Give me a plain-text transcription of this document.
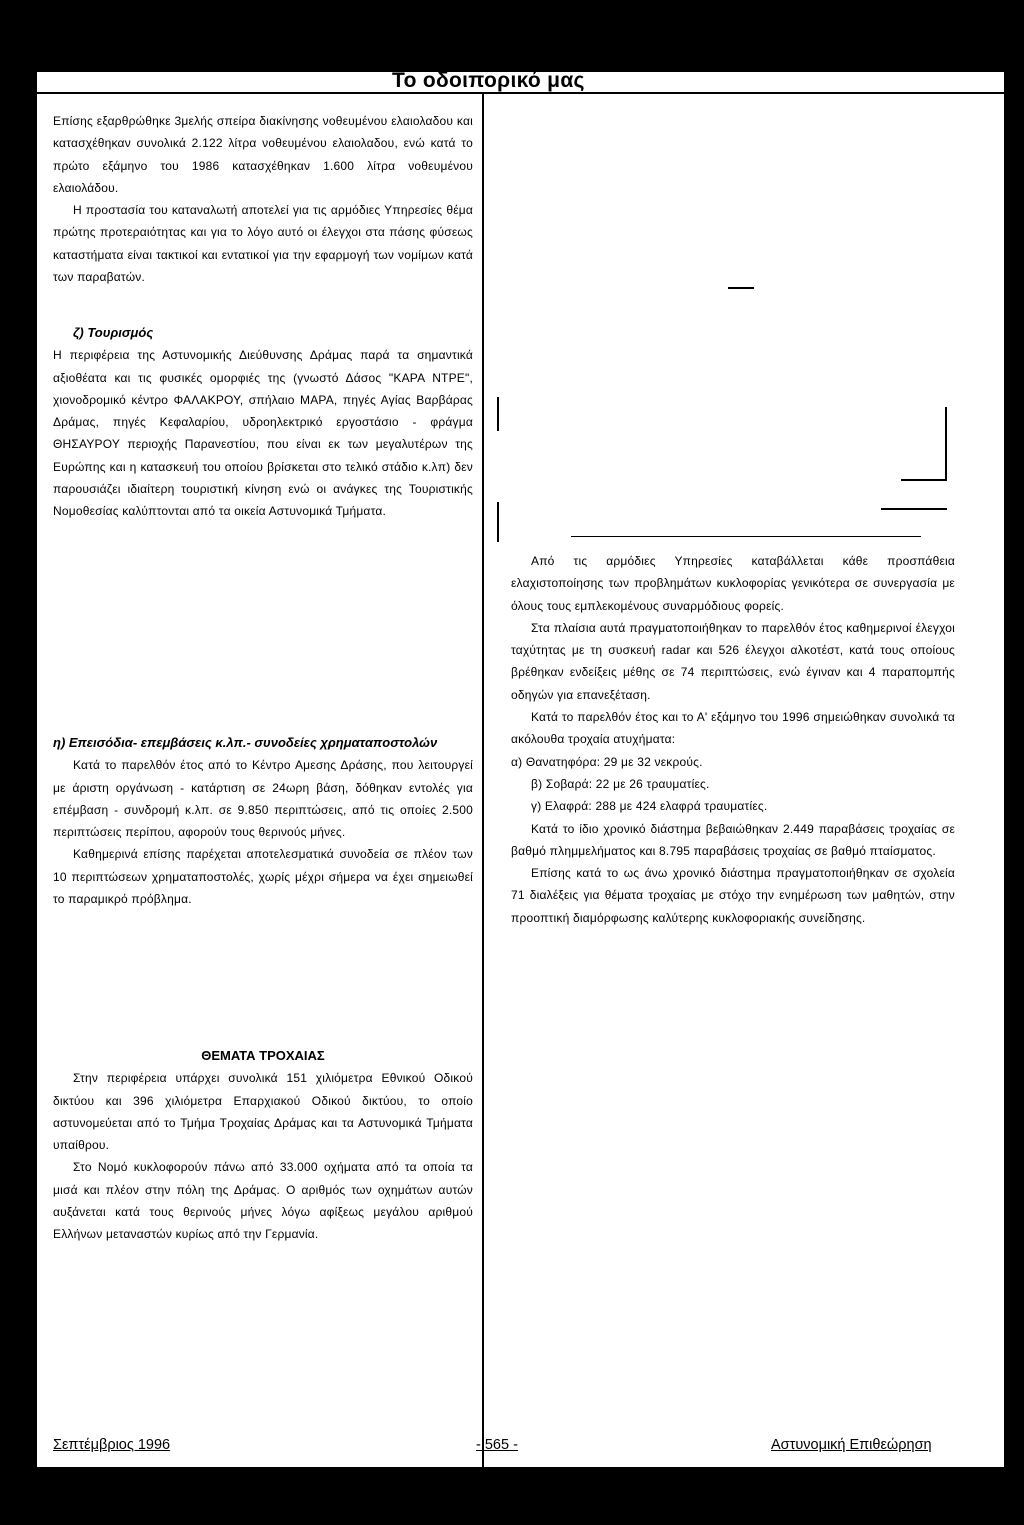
Το οδοιπορικό μας

Επίσης εξαρθρώθηκε 3μελής σπείρα διακίνησης νοθευμένου ελαιολαδου και κατασχέθηκαν συνολικά 2.122 λίτρα νοθευμένου ελαιολαδου, ενώ κατά το πρώτο εξάμηνο του 1986 κατασχέθηκαν 1.600 λίτρα νοθευμένου ελαιολάδου.

Η προστασία του καταναλωτή αποτελεί για τις αρμόδιες Υπηρεσίες θέμα πρώτης προτεραιότητας και για το λόγο αυτό οι έλεγχοι στα πάσης φύσεως καταστήματα είναι τακτικοί και εντατικοί για την εφαρμογή των νομίμων κατά των παραβατών.

ζ) Τουρισμός

Η περιφέρεια της Αστυνομικής Διεύθυνσης Δράμας παρά τα σημαντικά αξιοθέατα και τις φυσικές ομορφιές της (γνωστό Δάσος "ΚΑΡΑ ΝΤΡΕ", χιονοδρομικό κέντρο ΦΑΛΑΚΡΟΥ, σπήλαιο ΜΑΡΑ, πηγές Αγίας Βαρβάρας Δράμας, πηγές Κεφαλαρίου, υδροηλεκτρικό εργοστάσιο - φράγμα ΘΗΣΑΥΡΟΥ περιοχής Παρανεστίου, που είναι εκ των μεγαλυτέρων της Ευρώπης και η κατασκευή του οποίου βρίσκεται στο τελικό στάδιο κ.λπ) δεν παρουσιάζει ιδιαίτερη τουριστική κίνηση ενώ οι ανάγκες της Τουριστικής Νομοθεσίας καλύπτονται από τα οικεία Αστυνομικά Τμήματα.

η) Επεισόδια- επεμβάσεις κ.λπ.- συνοδείες χρηματαποστολών

Κατά το παρελθόν έτος από το Κέντρο Αμεσης Δράσης, που λειτουργεί με άριστη οργάνωση - κατάρτιση σε 24ωρη βάση, δόθηκαν εντολές για επέμβαση - συνδρομή κ.λπ. σε 9.850 περιπτώσεις, από τις οποίες 2.500 περιπτώσεις περίπου, αφορούν τους θερινούς μήνες.

Καθημερινά επίσης παρέχεται αποτελεσματικά συνοδεία σε πλέον των 10 περιπτώσεων χρηματαποστολές, χωρίς μέχρι σήμερα να έχει σημειωθεί το παραμικρό πρόβλημα.

ΘΕΜΑΤΑ ΤΡΟΧΑΙΑΣ

Στην περιφέρεια υπάρχει συνολικά 151 χιλιόμετρα Εθνικού Οδικού δικτύου και 396 χιλιόμετρα Επαρχιακού Οδικού δικτύου, το οποίο αστυνομεύεται από το Τμήμα Τροχαίας Δράμας και τα Αστυνομικά Τμήματα υπαίθρου.

Στο Νομό κυκλοφορούν πάνω από 33.000 οχήματα από τα οποία τα μισά και πλέον στην πόλη της Δράμας. Ο αριθμός των οχημάτων αυτών αυξάνεται κατά τους θερινούς μήνες λόγω αφίξεως μεγάλου αριθμού Ελλήνων μεταναστών κυρίως από την Γερμανία.

Από τις αρμόδιες Υπηρεσίες καταβάλλεται κάθε προσπάθεια ελαχιστοποίησης των προβλημάτων κυκλοφορίας γενικότερα σε συνεργασία με όλους τους εμπλεκομένους συναρμόδιους φορείς.

Στα πλαίσια αυτά πραγματοποιήθηκαν το παρελθόν έτος καθημερινοί έλεγχοι ταχύτητας με τη συσκευή radar και 526 έλεγχοι αλκοτέστ, κατά τους οποίους βρέθηκαν ενδείξεις μέθης σε 74 περιπτώσεις, ενώ έγιναν και 4 παραπομπής οδηγών για επανεξέταση.

Κατά το παρελθόν έτος και το Α' εξάμηνο του 1996 σημειώθηκαν συνολικά τα ακόλουθα τροχαία ατυχήματα:

α) Θανατηφόρα: 29 με 32 νεκρούς.

β) Σοβαρά: 22 με 26 τραυματίες.

γ) Ελαφρά: 288 με 424 ελαφρά τραυματίες.

Κατά το ίδιο χρονικό διάστημα βεβαιώθηκαν 2.449 παραβάσεις τροχαίας σε βαθμό πλημμελήματος και 8.795 παραβάσεις τροχαίας σε βαθμό πταίσματος.

Επίσης κατά το ως άνω χρονικό διάστημα πραγματοποιήθηκαν σε σχολεία 71 διαλέξεις για θέματα τροχαίας με στόχο την ενημέρωση των μαθητών, στην προοπτική διαμόρφωσης καλύτερης κυκλοφοριακής συνείδησης.

Σεπτέμβριος 1996	- 565 -	Αστυνομική Επιθεώρηση
